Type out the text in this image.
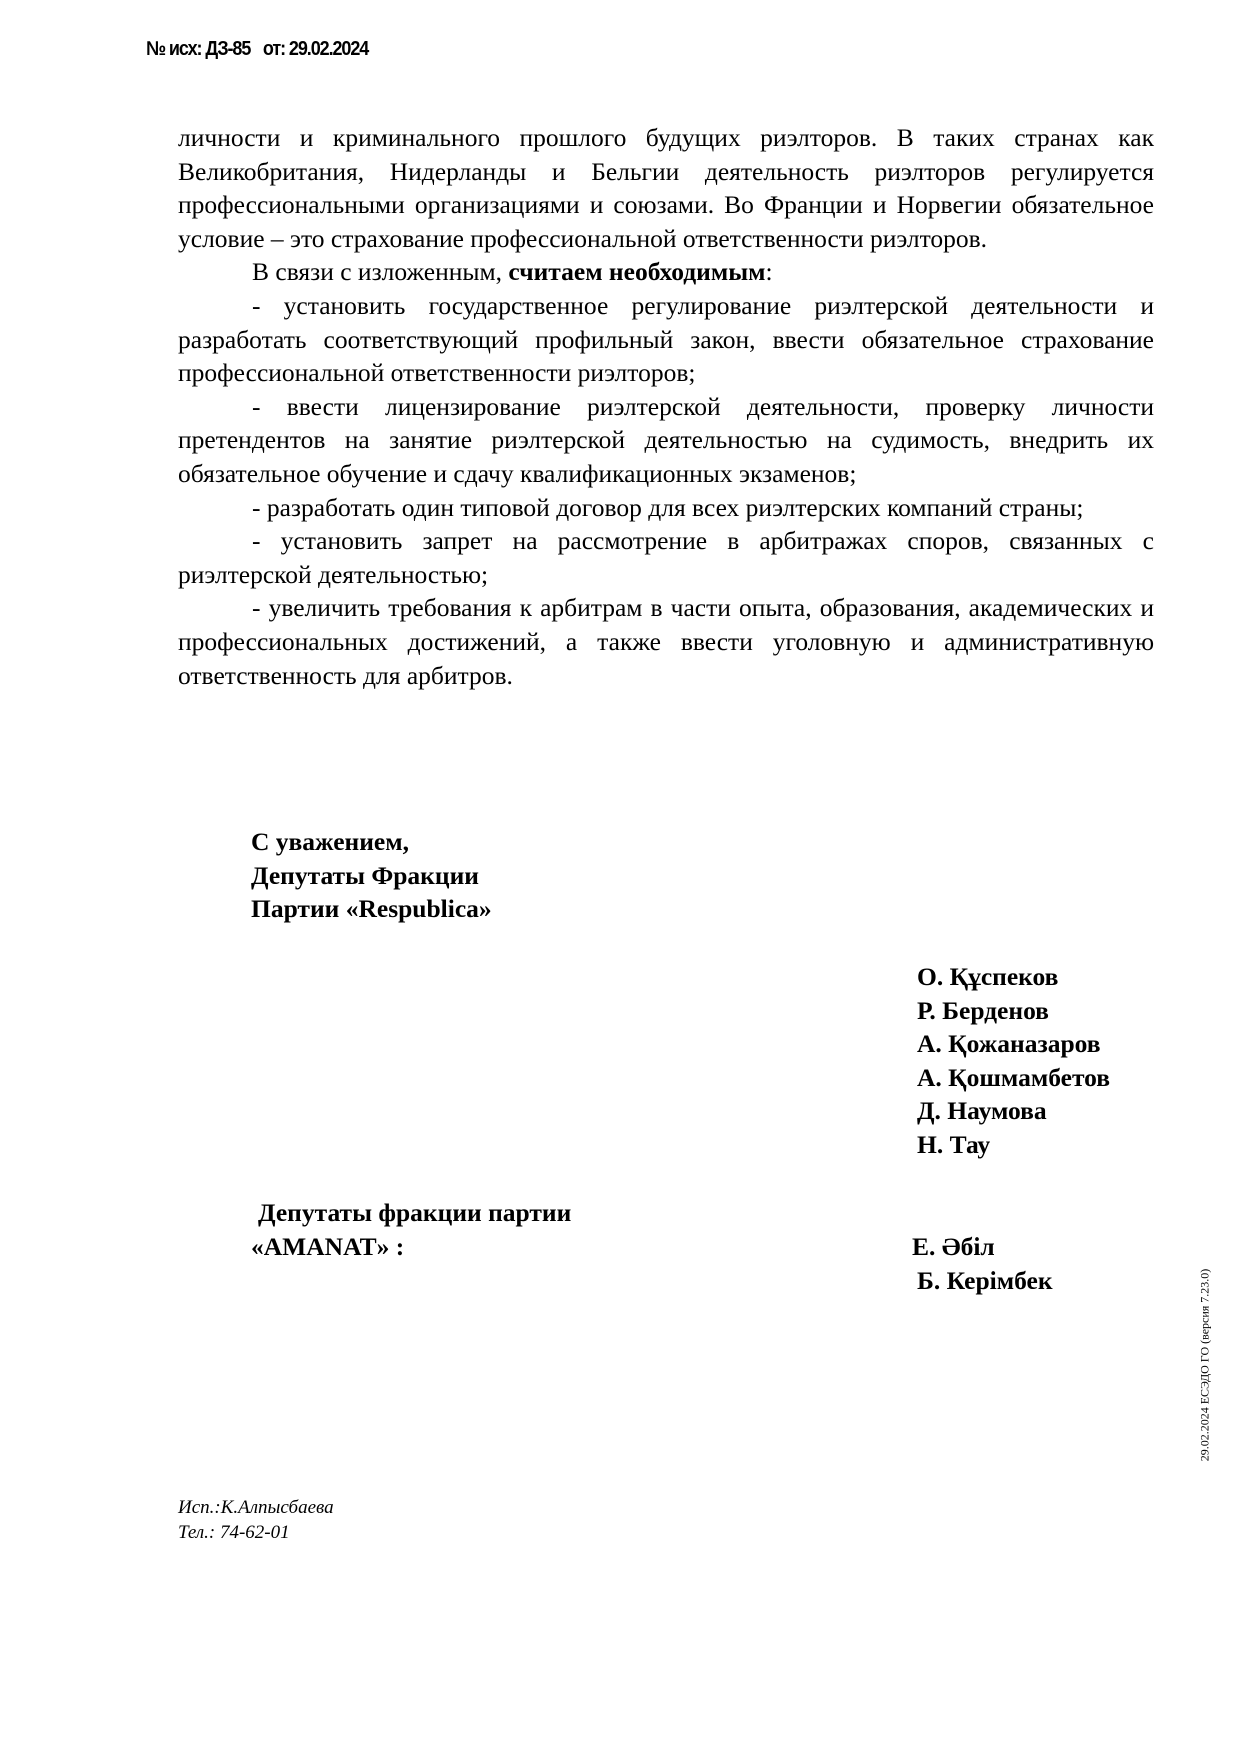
№ исх: ДЗ-85 от: 29.02.2024

личности и криминального прошлого будущих риэлторов. В таких странах как Великобритания, Нидерланды и Бельгии деятельность риэлторов регулируется профессиональными организациями и союзами. Во Франции и Норвегии обязательное условие – это страхование профессиональной ответственности риэлторов.

В связи с изложенным, считаем необходимым:

- установить государственное регулирование риэлтерской деятельности и разработать соответствующий профильный закон, ввести обязательное страхование профессиональной ответственности риэлторов;

- ввести лицензирование риэлтерской деятельности, проверку личности претендентов на занятие риэлтерской деятельностью на судимость, внедрить их обязательное обучение и сдачу квалификационных экзаменов;

- разработать один типовой договор для всех риэлтерских компаний страны;

- установить запрет на рассмотрение в арбитражах споров, связанных с риэлтерской деятельностью;

- увеличить требования к арбитрам в части опыта, образования, академических и профессиональных достижений, а также ввести уголовную и административную ответственность для арбитров.

С уважением,
Депутаты Фракции
Партии «Respublica»
О. Құспеков
Р. Берденов
А. Қожаназаров
А. Қошмамбетов
Д. Наумова
Н. Тау
Депутаты фракции партии
«AMANAT» :	Е. Әбіл
Б. Керімбек
Исп.:К.Алпысбаева
Тел.: 74-62-01
29.02.2024 ЕСЭДО ГО (версия 7.23.0)
